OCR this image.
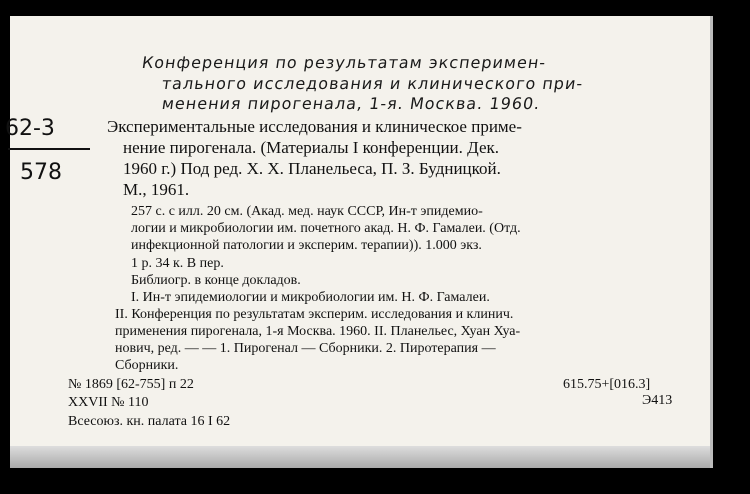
Конференция по результатам эксперимен-
тального исследования и клинического при-
менения пирогенала, 1-я. Москва. 1960.
62-3
578
Экспериментальные исследования и клиническое приме-
нение пирогенала. (Материалы I конференции. Дек.
1960 г.) Под ред. Х. Х. Планельеса, П. З. Будницкой.
М., 1961.
257 с. с илл. 20 см. (Акад. мед. наук СССР, Ин-т эпидемио-
логии и микробиологии им. почетного акад. Н. Ф. Гамалеи. (Отд.
инфекционной патологии и эксперим. терапии)). 1.000 экз.
1 р. 34 к. В пер.
Библиогр. в конце докладов.
I. Ин-т эпидемиологии и микробиологии им. Н. Ф. Гамалеи.
II. Конференция по результатам эксперим. исследования и клинич.
применения пирогенала, 1-я Москва. 1960. II. Планельес, Хуан Хуа-
нович, ред. — — 1. Пирогенал — Сборники. 2. Пиротерапия —
Сборники.
№ 1869 [62-755] п 22
XXVII № 110
Всесоюз. кн. палата 16 I 62
615.75+[016.3]
Э413
